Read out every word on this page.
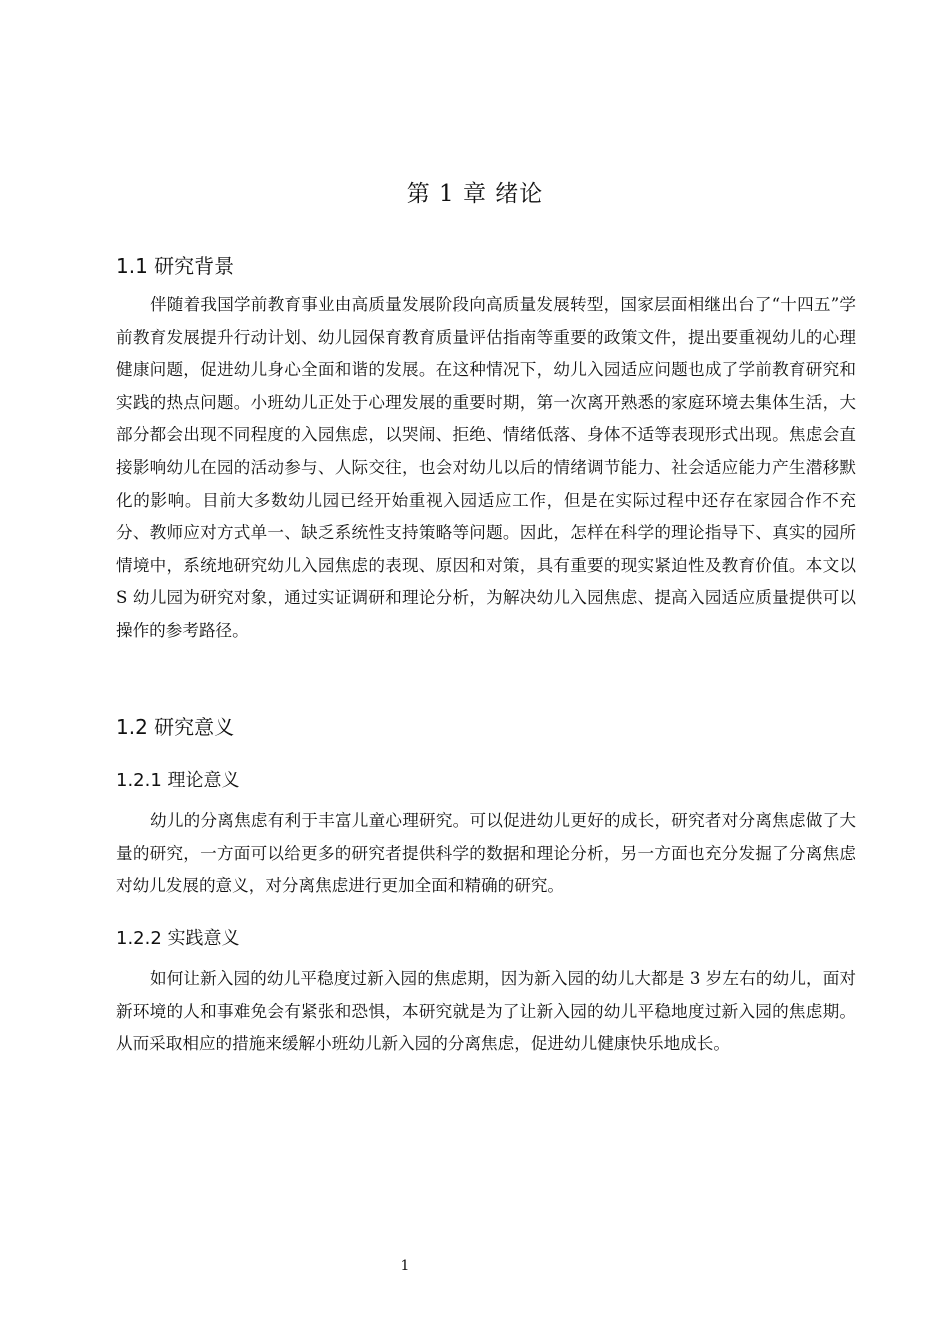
第 1 章 绪论
1.1 研究背景

伴随着我国学前教育事业由高质量发展阶段向高质量发展转型，国家层面相继出台了“十四五”学前教育发展提升行动计划、幼儿园保育教育质量评估指南等重要的政策文件，提出要重视幼儿的心理健康问题，促进幼儿身心全面和谐的发展。在这种情况下，幼儿入园适应问题也成了学前教育研究和实践的热点问题。小班幼儿正处于心理发展的重要时期，第一次离开熟悉的家庭环境去集体生活，大部分都会出现不同程度的入园焦虑，以哭闹、拒绝、情绪低落、身体不适等表现形式出现。焦虑会直接影响幼儿在园的活动参与、人际交往，也会对幼儿以后的情绪调节能力、社会适应能力产生潜移默化的影响。目前大多数幼儿园已经开始重视入园适应工作，但是在实际过程中还存在家园合作不充分、教师应对方式单一、缺乏系统性支持策略等问题。因此，怎样在科学的理论指导下、真实的园所情境中，系统地研究幼儿入园焦虑的表现、原因和对策，具有重要的现实紧迫性及教育价值。本文以 S 幼儿园为研究对象，通过实证调研和理论分析，为解决幼儿入园焦虑、提高入园适应质量提供可以操作的参考路径。

1.2 研究意义
1.2.1 理论意义

幼儿的分离焦虑有利于丰富儿童心理研究。可以促进幼儿更好的成长，研究者对分离焦虑做了大量的研究，一方面可以给更多的研究者提供科学的数据和理论分析，另一方面也充分发掘了分离焦虑对幼儿发展的意义，对分离焦虑进行更加全面和精确的研究。

1.2.2 实践意义

如何让新入园的幼儿平稳度过新入园的焦虑期，因为新入园的幼儿大都是 3 岁左右的幼儿，面对新环境的人和事难免会有紧张和恐惧，本研究就是为了让新入园的幼儿平稳地度过新入园的焦虑期。从而采取相应的措施来缓解小班幼儿新入园的分离焦虑，促进幼儿健康快乐地成长。

1
